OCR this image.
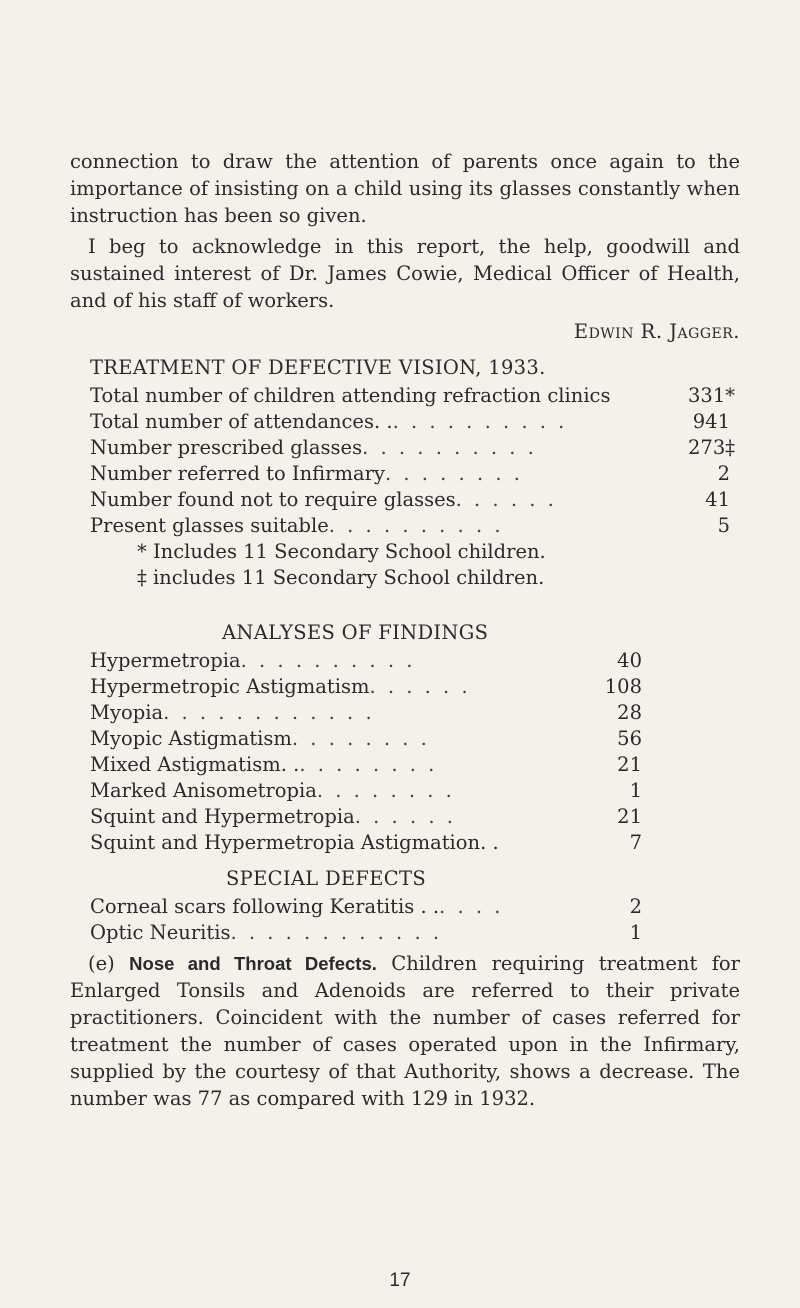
connection to draw the attention of parents once again to the importance of insisting on a child using its glasses constantly when instruction has been so given.

I beg to acknowledge in this report, the help, goodwill and sustained interest of Dr. James Cowie, Medical Officer of Health, and of his staff of workers.

Edwin R. Jagger.
TREATMENT OF DEFECTIVE VISION, 1933.
Total number of children attending refraction clinics	331*
Total number of attendances. . . . . . . . . . . .	941
Number prescribed glasses . . . . . . . . . .	273‡
Number referred to Infirmary . . . . . . . .	2
Number found not to require glasses . . . . . .	41
Present glasses suitable . . . . . . . . . .	5
* Includes 11 Secondary School children.
‡ includes 11 Secondary School children.
ANALYSES OF FINDINGS
Hypermetropia . . . . . . . . . .	40
Hypermetropic Astigmatism . . . . . .	108
Myopia . . . . . . . . . . . .	28
Myopic Astigmatism . . . . . . . .	56
Mixed Astigmatism. . . . . . . . . .	21
Marked Anisometropia . . . . . . . .	1
Squint and Hypermetropia . . . . . .	21
Squint and Hypermetropia Astigmation. .	7
SPECIAL DEFECTS
Corneal scars following Keratitis . . . . . .	2
Optic Neuritis . . . . . . . . . . . .	1

(e) Nose and Throat Defects. Children requiring treatment for Enlarged Tonsils and Adenoids are referred to their private practitioners. Coincident with the number of cases referred for treatment the number of cases operated upon in the Infirmary, supplied by the courtesy of that Authority, shows a decrease. The number was 77 as compared with 129 in 1932.

17
